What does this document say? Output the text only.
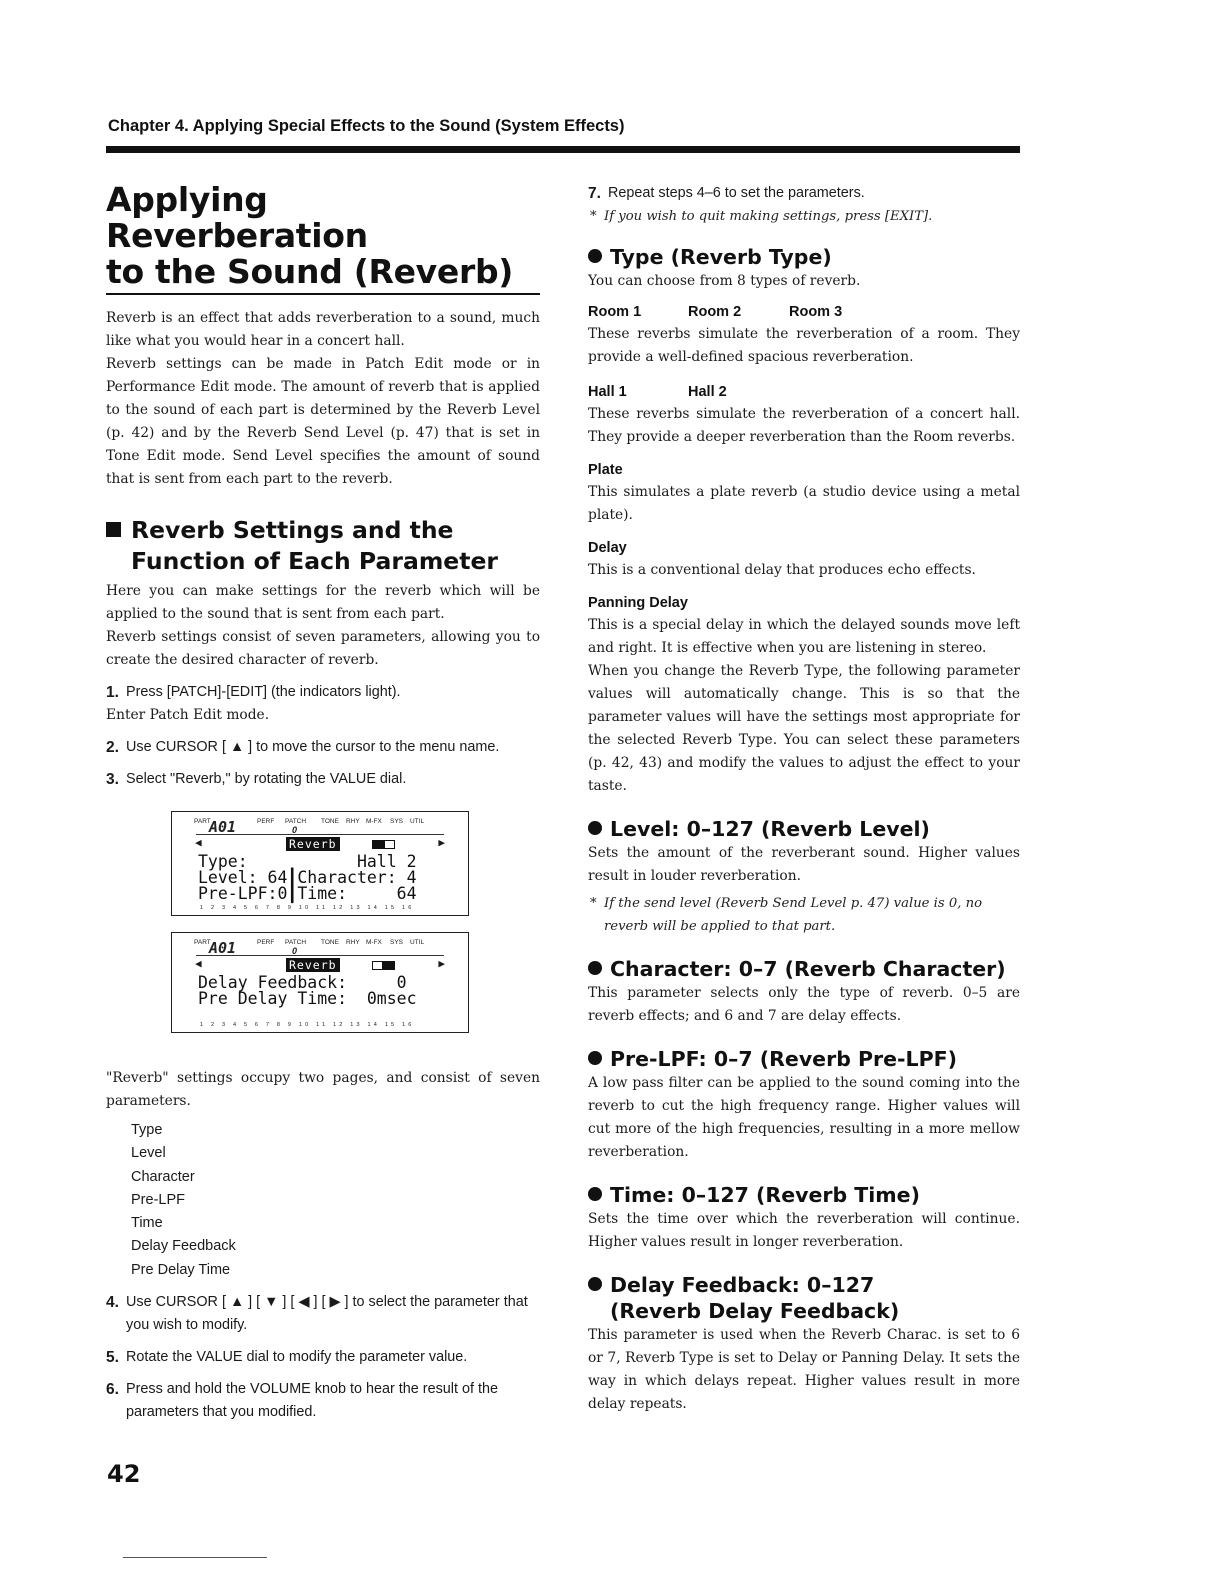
Chapter 4. Applying Special Effects to the Sound (System Effects)
Applying Reverberation
to the Sound (Reverb)

Reverb is an effect that adds reverberation to a sound, much like what you would hear in a concert hall.

Reverb settings can be made in Patch Edit mode or in Performance Edit mode. The amount of reverb that is applied to the sound of each part is determined by the Reverb Level (p. 42) and by the Reverb Send Level (p. 47) that is set in Tone Edit mode. Send Level specifies the amount of sound that is sent from each part to the reverb.

Reverb Settings and the
Function of Each Parameter

Here you can make settings for the reverb which will be applied to the sound that is sent from each part.

Reverb settings consist of seven parameters, allowing you to create the desired character of reverb.

1. Press [PATCH]-[EDIT] (the indicators light).

Enter Patch Edit mode.

2. Use CURSOR [ ▲ ] to move the cursor to the menu name.

3. Select "Reverb," by rotating the VALUE dial.

PART
A01	PERF PATCH
0
TONE RHY M-FX SYS UTIL
◀	Reverb	▶
Type:           Hall 2
Level: 64┃Character: 4
Pre-LPF:0┃Time:     64
1 2 3 4 5 6 7 8 9 10 11 12 13 14 15 16
PART
A01	PERF PATCH
0
TONE RHY M-FX SYS UTIL
◀	Reverb	▶
Delay Feedback:     0
Pre Delay Time:  0msec
1 2 3 4 5 6 7 8 9 10 11 12 13 14 15 16

"Reverb" settings occupy two pages, and consist of seven parameters.

Type
Level
Character
Pre-LPF
Time
Delay Feedback
Pre Delay Time

4. Use CURSOR [ ▲ ] [ ▼ ] [ ◀ ] [ ▶ ] to select the parameter that you wish to modify.

5. Rotate the VALUE dial to modify the parameter value.

6. Press and hold the VOLUME knob to hear the result of the parameters that you modified.

7. Repeat steps 4–6 to set the parameters.

* If you wish to quit making settings, press [EXIT].

Type (Reverb Type)

You can choose from 8 types of reverb.

Room 1	Room 2	Room 3

These reverbs simulate the reverberation of a room. They provide a well-defined spacious reverberation.

Hall 1	Hall 2

These reverbs simulate the reverberation of a concert hall. They provide a deeper reverberation than the Room reverbs.

Plate

This simulates a plate reverb (a studio device using a metal plate).

Delay

This is a conventional delay that produces echo effects.

Panning Delay

This is a special delay in which the delayed sounds move left and right. It is effective when you are listening in stereo.

When you change the Reverb Type, the following parameter values will automatically change. This is so that the parameter values will have the settings most appropriate for the selected Reverb Type. You can select these parameters (p. 42, 43) and modify the values to adjust the effect to your taste.

Level: 0–127 (Reverb Level)

Sets the amount of the reverberant sound. Higher values result in louder reverberation.

* If the send level (Reverb Send Level p. 47) value is 0, no reverb will be applied to that part.

Character: 0–7 (Reverb Character)

This parameter selects only the type of reverb. 0–5 are reverb effects; and 6 and 7 are delay effects.

Pre-LPF: 0–7 (Reverb Pre-LPF)

A low pass filter can be applied to the sound coming into the reverb to cut the high frequency range. Higher values will cut more of the high frequencies, resulting in a more mellow reverberation.

Time: 0–127 (Reverb Time)

Sets the time over which the reverberation will continue. Higher values result in longer reverberation.

Delay Feedback: 0–127
(Reverb Delay Feedback)

This parameter is used when the Reverb Charac. is set to 6 or 7, Reverb Type is set to Delay or Panning Delay. It sets the way in which delays repeat. Higher values result in more delay repeats.

42
